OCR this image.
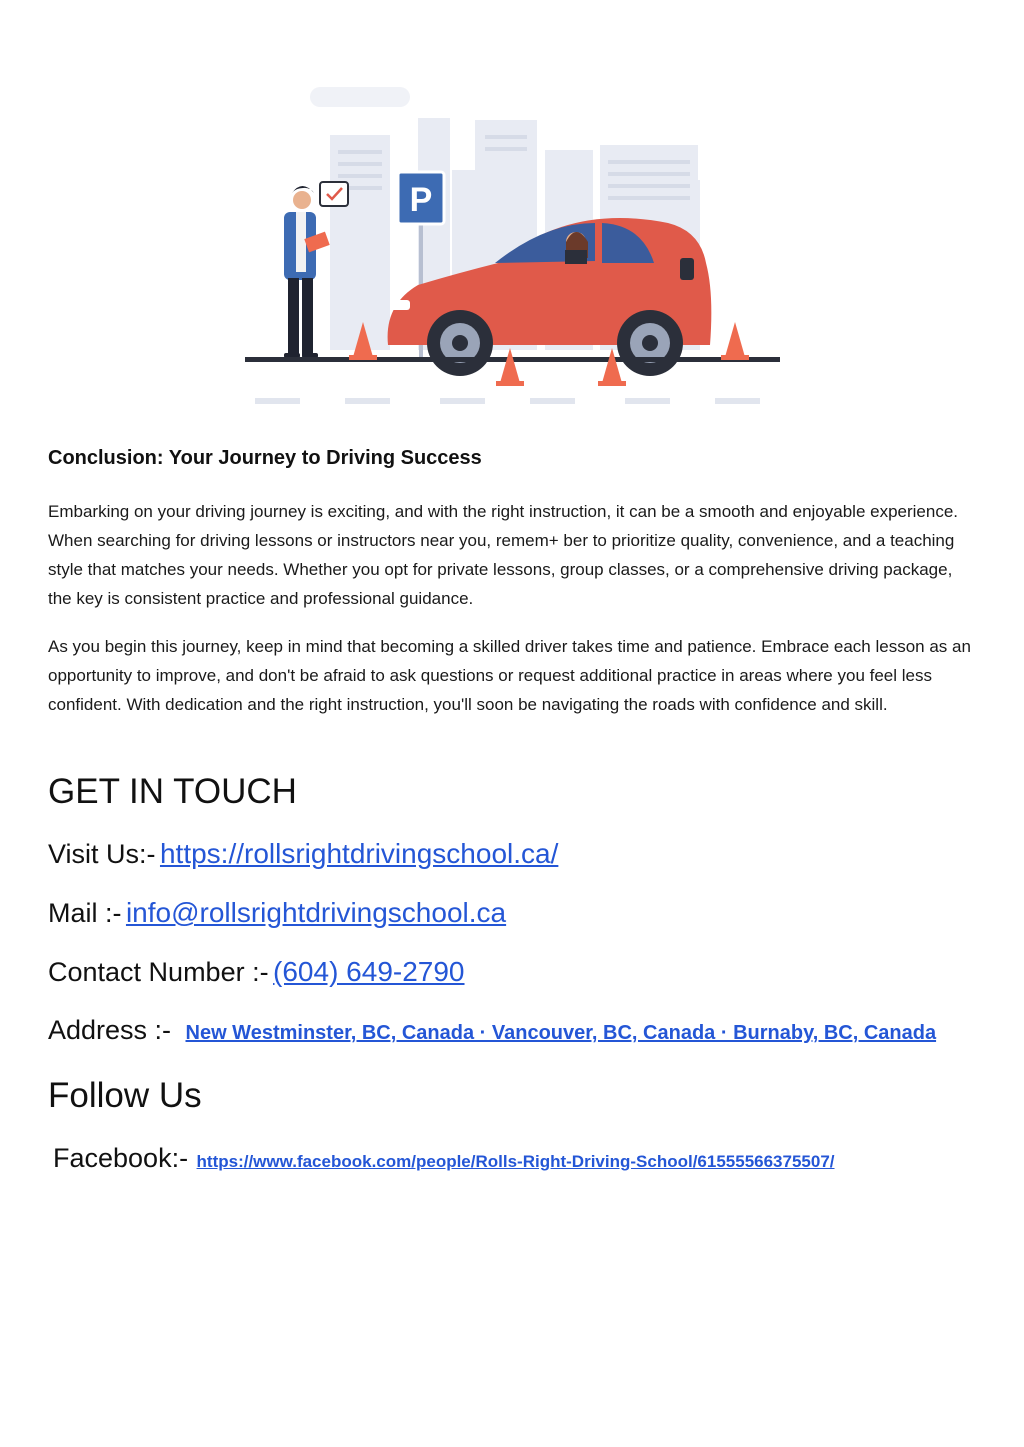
P
Conclusion: Your Journey to Driving Success

Embarking on your driving journey is exciting, and with the right instruction, it can be a smooth and enjoyable experience. When searching for driving lessons or instructors near you, remem+ ber to prioritize quality, convenience, and a teaching style that matches your needs. Whether you opt for private lessons, group classes, or a comprehensive driving package, the key is consistent practice and professional guidance.

As you begin this journey, keep in mind that becoming a skilled driver takes time and patience. Embrace each lesson as an opportunity to improve, and don't be afraid to ask questions or request additional practice in areas where you feel less confident. With dedication and the right instruction, you'll soon be navigating the roads with confidence and skill.

GET IN TOUCH
Visit Us:- https://rollsrightdrivingschool.ca/
Mail :- info@rollsrightdrivingschool.ca
Contact Number :- (604) 649-2790
Address :- New Westminster, BC, Canada · Vancouver, BC, Canada · Burnaby, BC, Canada
Follow Us
Facebook:- https://www.facebook.com/people/Rolls-Right-Driving-School/61555566375507/
